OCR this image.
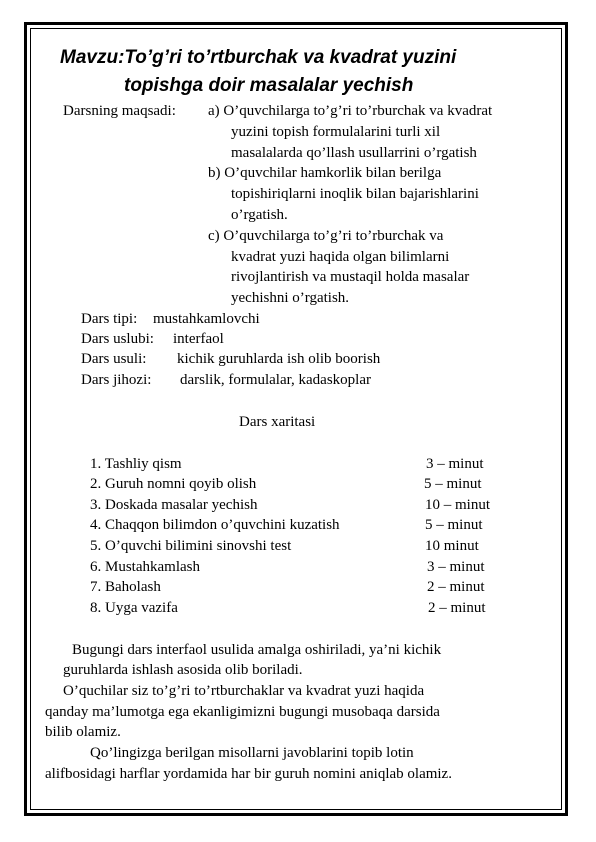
Mavzu:To’g’ri to’rtburchak va kvadrat yuzini
topishga doir masalalar yechish
Darsning maqsadi: a) O’quvchilarga to’g’ri to’rburchak va kvadrat
yuzini topish formulalarini turli xil
masalalarda qo’llash usullarrini o’rgatish
b) O’quvchilar hamkorlik bilan berilga
topishiriqlarni inoqlik bilan bajarishlarini
o’rgatish.
c) O’quvchilarga to’g’ri to’rburchak va
kvadrat yuzi haqida olgan bilimlarni
rivojlantirish va mustaqil holda masalar
yechishni o’rgatish.
Dars tipi: mustahkamlovchi
Dars uslubi: interfaol
Dars usuli: kichik guruhlarda ish olib boorish
Dars jihozi: darslik, formulalar, kadaskoplar
Dars xaritasi
1. Tashliy qism	3 – minut
2. Guruh nomni qoyib olish	5 – minut
3. Doskada masalar yechish	10 – minut
4. Chaqqon bilimdon o’quvchini kuzatish	5 – minut
5. O’quvchi bilimini sinovshi test	10 minut
6. Mustahkamlash	3 – minut
7. Baholash	2 – minut
8. Uyga vazifa	2 – minut
Bugungi dars interfaol usulida amalga oshiriladi, ya’ni kichik
guruhlarda ishlash asosida olib boriladi.
O’quchilar siz to’g’ri to’rtburchaklar va kvadrat yuzi haqida
qanday ma’lumotga ega ekanligimizni bugungi musobaqa darsida
bilib olamiz.
Qo’lingizga berilgan misollarni javoblarini topib lotin
alifbosidagi harflar yordamida har bir guruh nomini aniqlab olamiz.
